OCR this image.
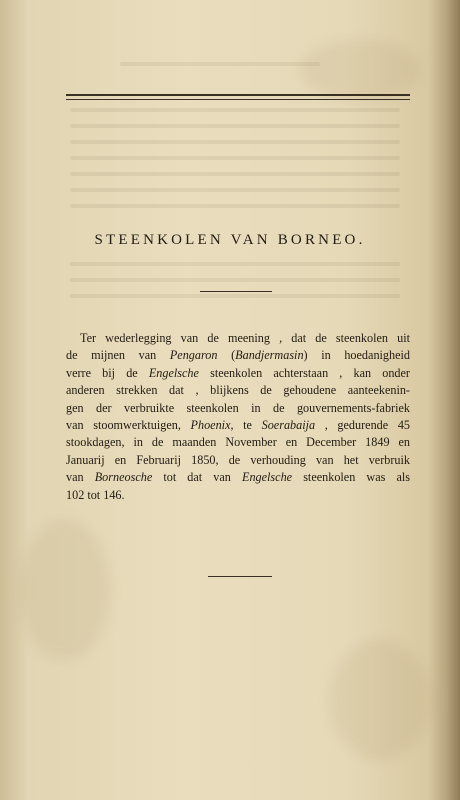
STEENKOLEN VAN BORNEO.
Ter wederlegging van de meening , dat de steenkolen uit
de mijnen van Pengaron (Bandjermasin) in hoedanigheid
verre bij de Engelsche steenkolen achterstaan , kan onder
anderen strekken dat , blijkens de gehoudene aanteekenin-
gen der verbruikte steenkolen in de gouvernements-fabriek
van stoomwerktuigen, Phoenix, te Soerabaija , gedurende 45
stookdagen, in de maanden November en December 1849 en
Januarij en Februarij 1850, de verhouding van het verbruik
van Borneosche tot dat van Engelsche steenkolen was als
102 tot 146.
